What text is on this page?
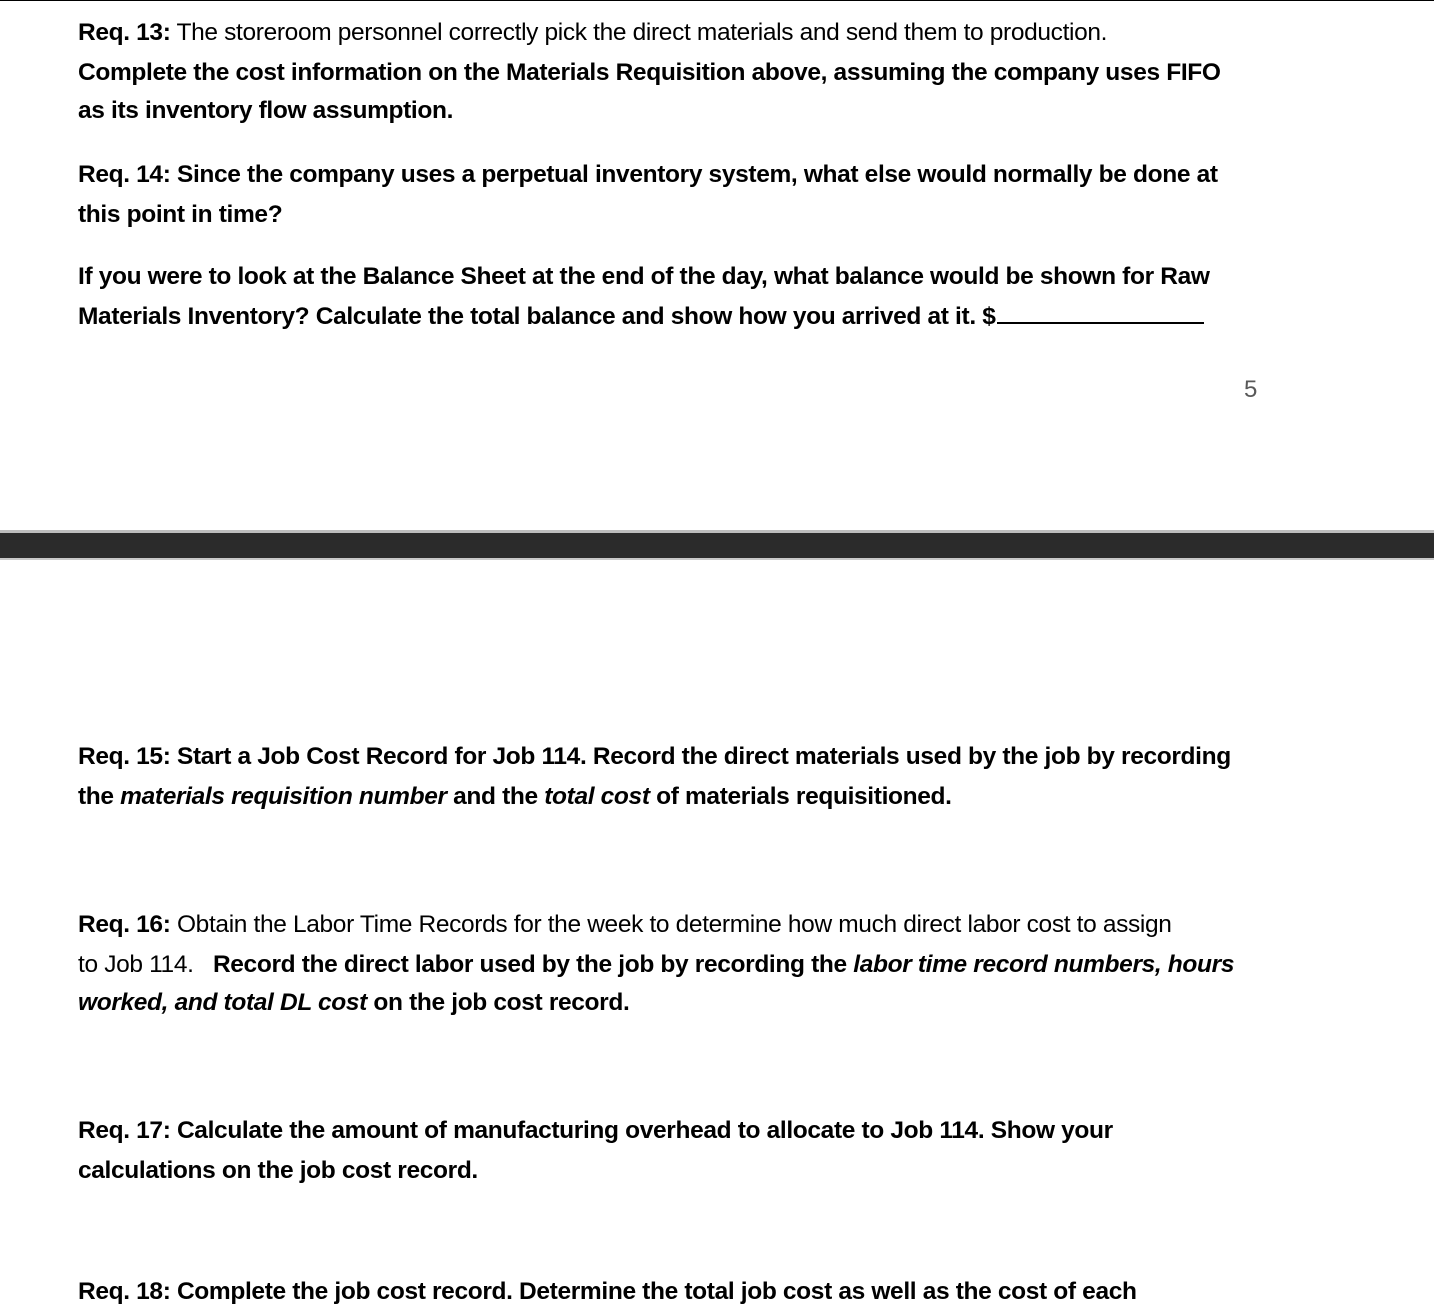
Req. 13: The storeroom personnel correctly pick the direct materials and send them to production.
Complete the cost information on the Materials Requisition above, assuming the company uses FIFO
as its inventory flow assumption.
Req. 14: Since the company uses a perpetual inventory system, what else would normally be done at
this point in time?
If you were to look at the Balance Sheet at the end of the day, what balance would be shown for Raw
Materials Inventory? Calculate the total balance and show how you arrived at it. $
5
Req. 15: Start a Job Cost Record for Job 114. Record the direct materials used by the job by recording
the materials requisition number and the total cost of materials requisitioned.
Req. 16: Obtain the Labor Time Records for the week to determine how much direct labor cost to assign
to Job 114.   Record the direct labor used by the job by recording the labor time record numbers, hours
worked, and total DL cost on the job cost record.
Req. 17: Calculate the amount of manufacturing overhead to allocate to Job 114. Show your
calculations on the job cost record.
Req. 18: Complete the job cost record. Determine the total job cost as well as the cost of each
